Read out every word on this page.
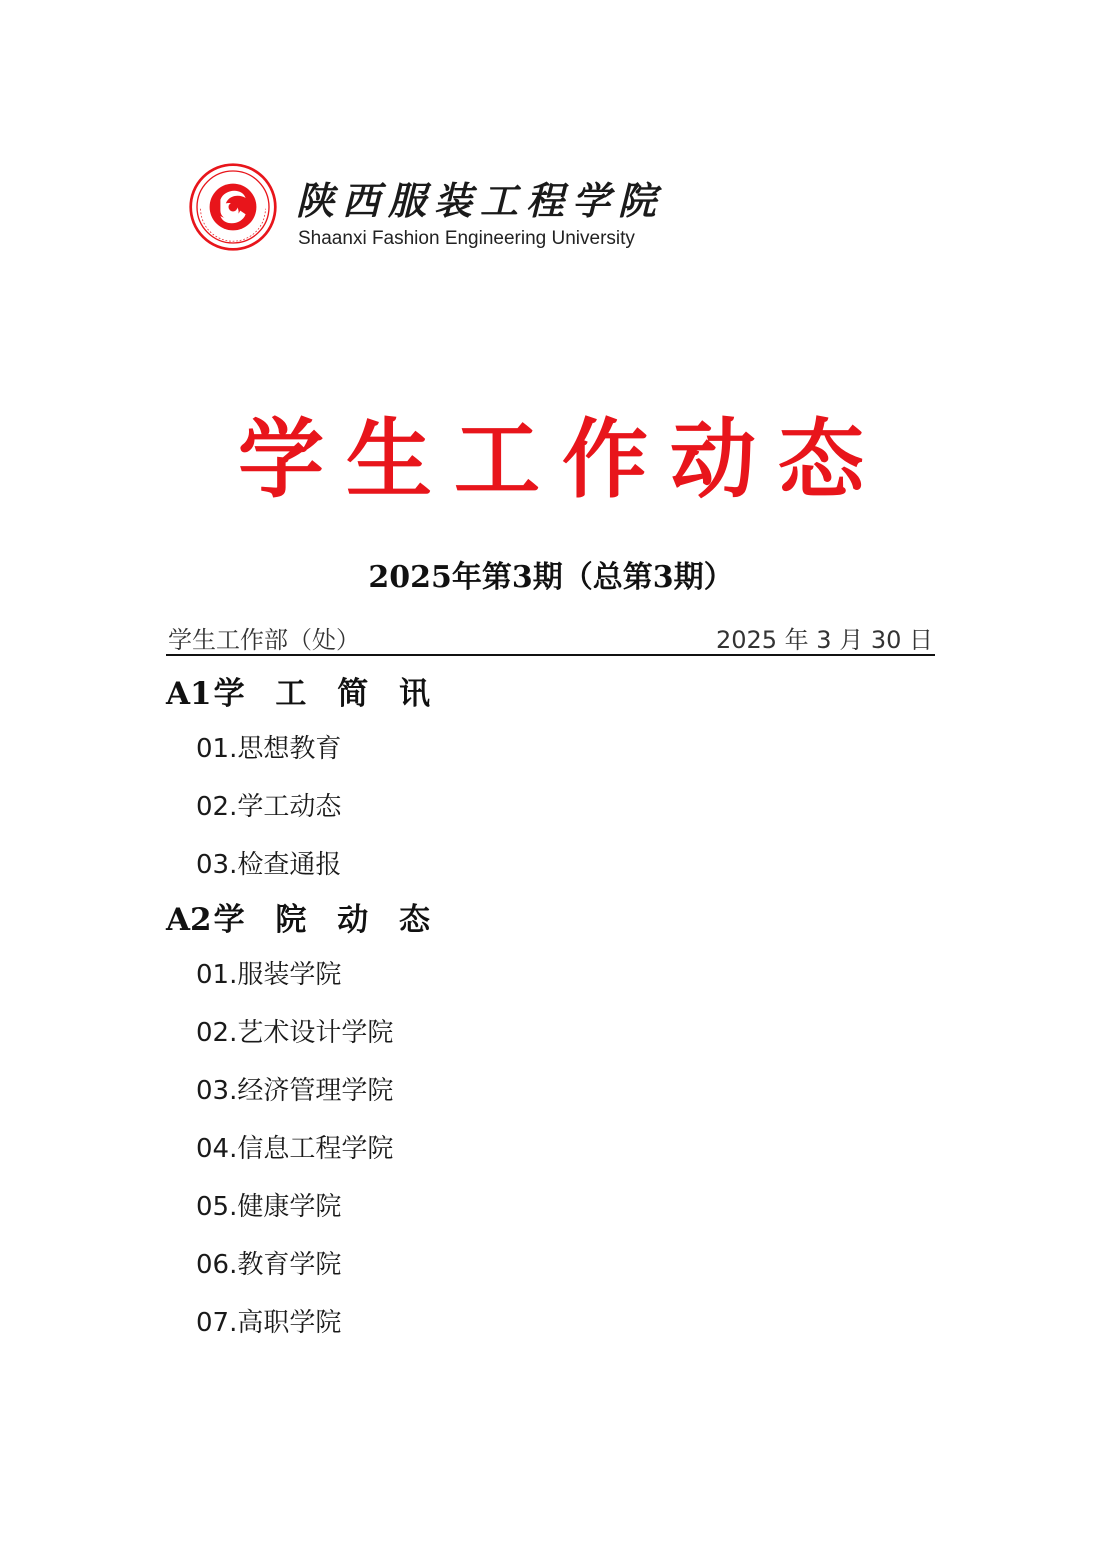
陕西服装工程学院
Shaanxi Fashion Engineering University
学生工作动态
2025年第3期（总第3期）
学生工作部（处）	2025 年 3 月 30 日
A1学 工 简 讯
01.思想教育
02.学工动态
03.检查通报
A2学 院 动 态
01.服装学院
02.艺术设计学院
03.经济管理学院
04.信息工程学院
05.健康学院
06.教育学院
07.高职学院
